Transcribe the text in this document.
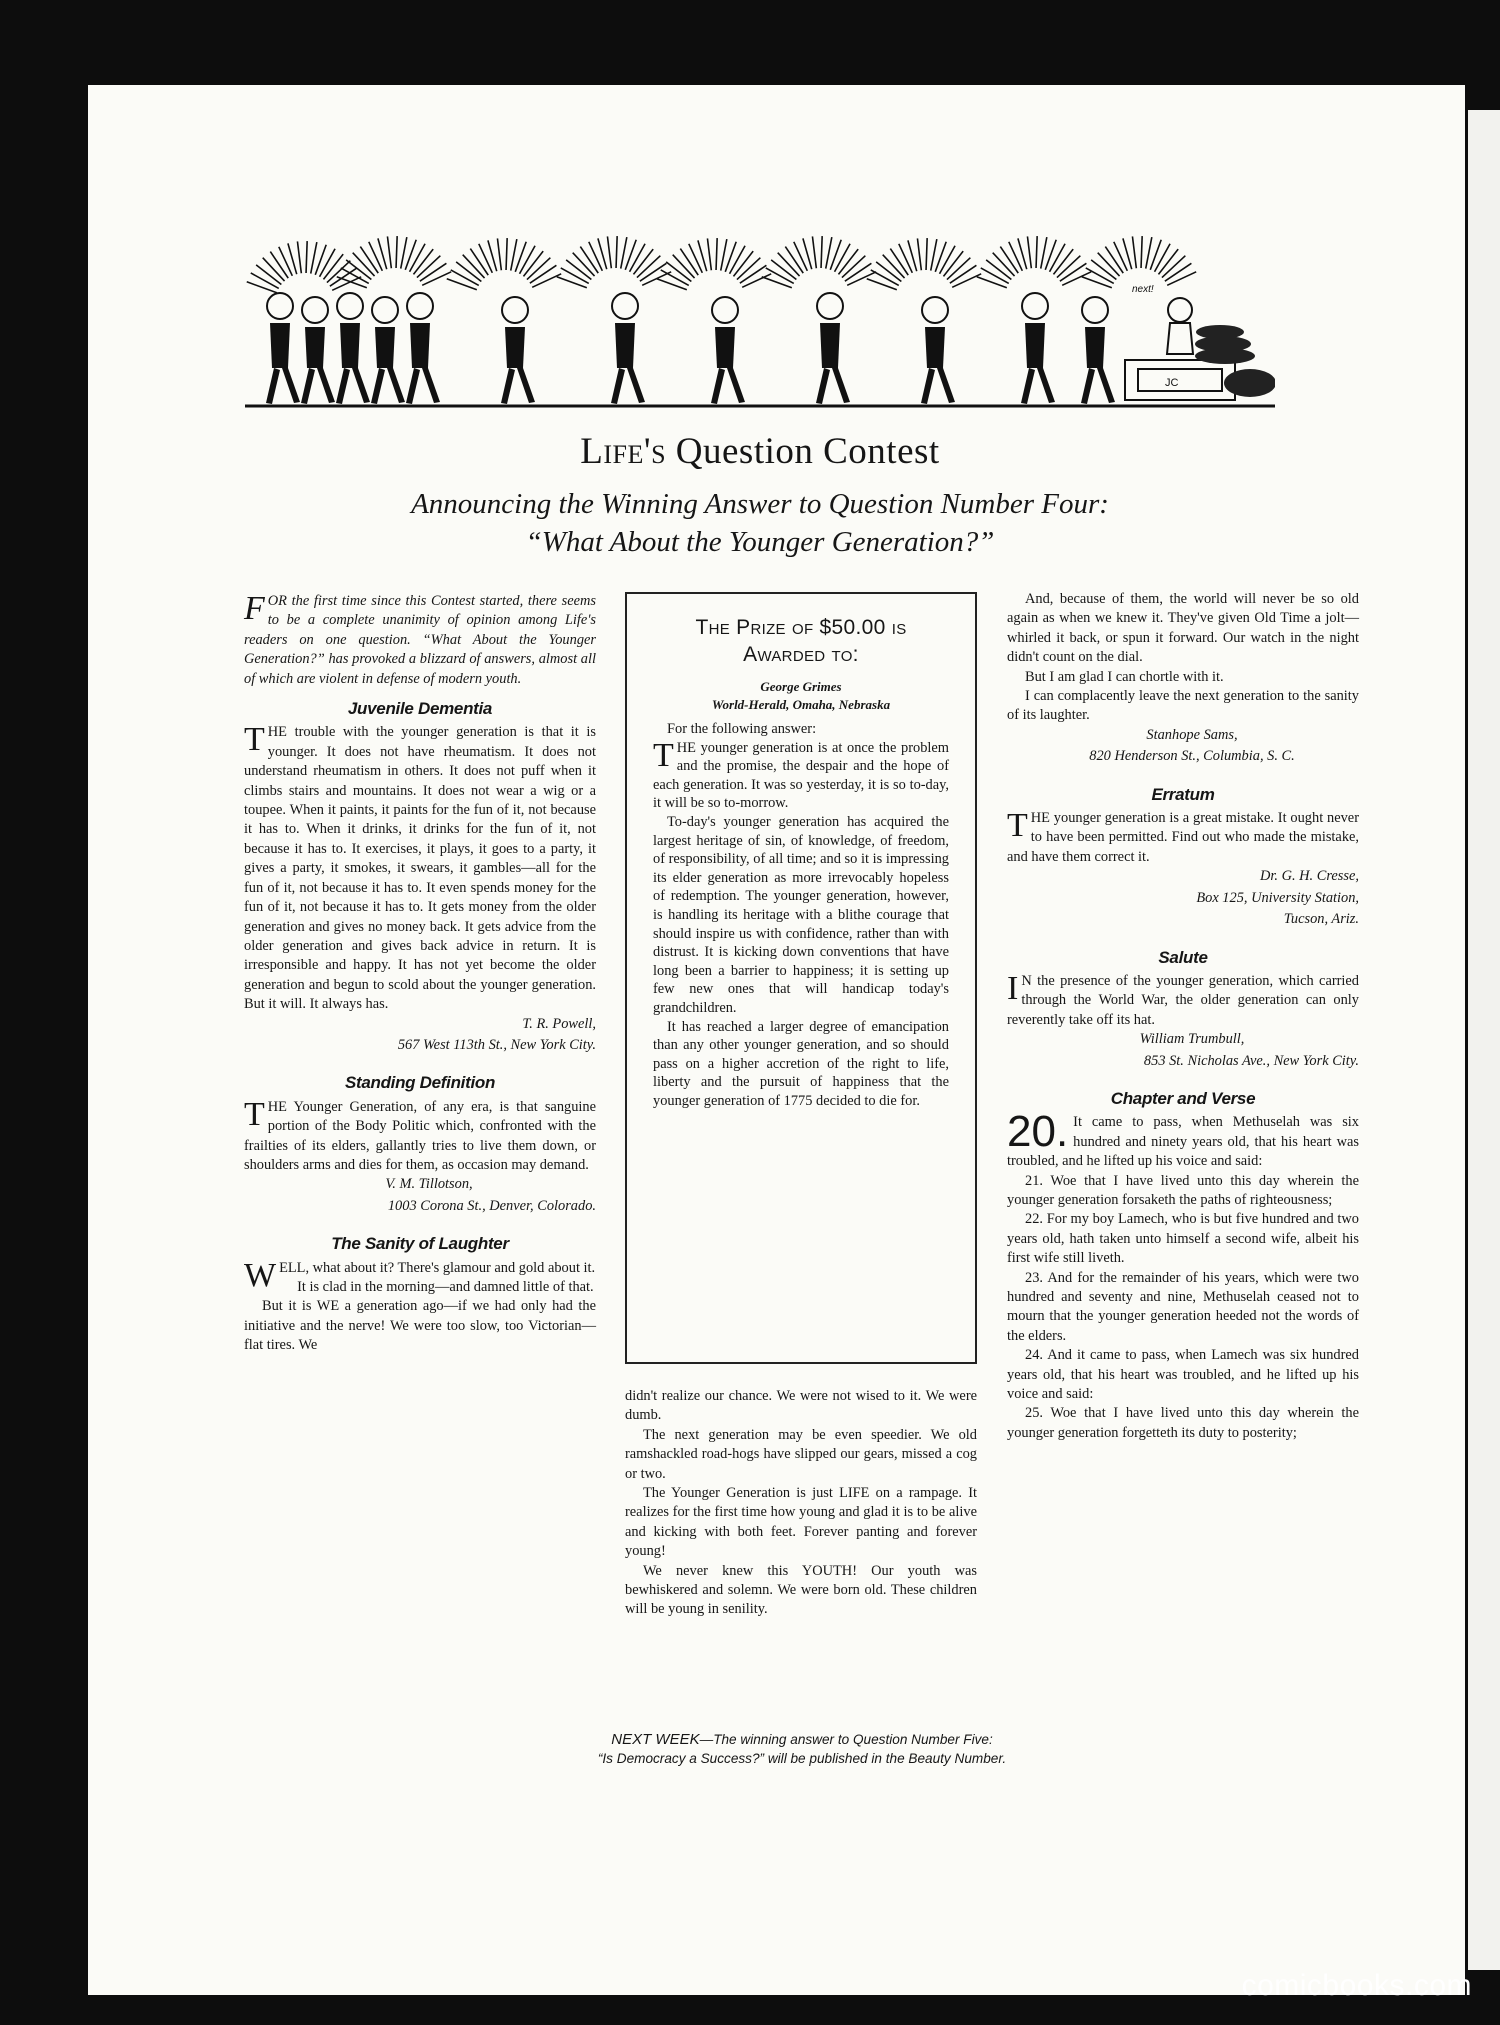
JC
next!
Life's Question Contest
Announcing the Winning Answer to Question Number Four:
“What About the Younger Generation?”

FOR the first time since this Contest started, there seems to be a complete unanimity of opinion among Life's readers on one question. “What About the Younger Generation?” has provoked a blizzard of answers, almost all of which are violent in defense of modern youth.

Juvenile Dementia

THE trouble with the younger generation is that it is younger. It does not have rheumatism. It does not understand rheumatism in others. It does not puff when it climbs stairs and mountains. It does not wear a wig or a toupee. When it paints, it paints for the fun of it, not because it has to. When it drinks, it drinks for the fun of it, not because it has to. It exercises, it plays, it goes to a party, it gives a party, it smokes, it swears, it gambles—all for the fun of it, not because it has to. It even spends money for the fun of it, not because it has to. It gets money from the older generation and gives no money back. It gets advice from the older generation and gives back advice in return. It is irresponsible and happy. It has not yet become the older generation and begun to scold about the younger generation. But it will. It always has.

T. R. Powell,

567 West 113th St., New York City.

Standing Definition

THE Younger Generation, of any era, is that sanguine portion of the Body Politic which, confronted with the frailties of its elders, gallantly tries to live them down, or shoulders arms and dies for them, as occasion may demand.

V. M. Tillotson,

1003 Corona St., Denver, Colorado.

The Sanity of Laughter

WELL, what about it? There's glamour and gold about it.

It is clad in the morning—and damned little of that.

But it is WE a generation ago—if we had only had the initiative and the nerve! We were too slow, too Victorian—flat tires. We

The Prize of $50.00 is
Awarded to:
George Grimes
World-Herald, Omaha, Nebraska

For the following answer:

THE younger generation is at once the problem and the promise, the despair and the hope of each generation. It was so yesterday, it is so to-day, it will be so to-morrow.

To-day's younger generation has acquired the largest heritage of sin, of knowledge, of freedom, of responsibility, of all time; and so it is impressing its elder generation as more irrevocably hopeless of redemption. The younger generation, however, is handling its heritage with a blithe courage that should inspire us with confidence, rather than with distrust. It is kicking down conventions that have long been a barrier to happiness; it is setting up few new ones that will handicap today's grandchildren.

It has reached a larger degree of emancipation than any other younger generation, and so should pass on a higher accretion of the right to life, liberty and the pursuit of happiness that the younger generation of 1775 decided to die for.

didn't realize our chance. We were not wised to it. We were dumb.

The next generation may be even speedier. We old ramshackled road-hogs have slipped our gears, missed a cog or two.

The Younger Generation is just LIFE on a rampage. It realizes for the first time how young and glad it is to be alive and kicking with both feet. Forever panting and forever young!

We never knew this YOUTH! Our youth was bewhiskered and solemn. We were born old. These children will be young in senility.

And, because of them, the world will never be so old again as when we knew it. They've given Old Time a jolt—whirled it back, or spun it forward. Our watch in the night didn't count on the dial.

But I am glad I can chortle with it.

I can complacently leave the next generation to the sanity of its laughter.

Stanhope Sams,

820 Henderson St., Columbia, S. C.

Erratum

THE younger generation is a great mistake. It ought never to have been permitted. Find out who made the mistake, and have them correct it.

Dr. G. H. Cresse,

Box 125, University Station,

Tucson, Ariz.

Salute

I N the presence of the younger generation, which carried through the World War, the older generation can only reverently take off its hat.

William Trumbull,

853 St. Nicholas Ave., New York City.

Chapter and Verse

20. It came to pass, when Methuselah was six hundred and ninety years old, that his heart was troubled, and he lifted up his voice and said:

21. Woe that I have lived unto this day wherein the younger generation forsaketh the paths of righteousness;

22. For my boy Lamech, who is but five hundred and two years old, hath taken unto himself a second wife, albeit his first wife still liveth.

23. And for the remainder of his years, which were two hundred and seventy and nine, Methuselah ceased not to mourn that the younger generation heeded not the words of the elders.

24. And it came to pass, when Lamech was six hundred years old, that his heart was troubled, and he lifted up his voice and said:

25. Woe that I have lived unto this day wherein the younger generation forgetteth its duty to posterity;

NEXT WEEK—The winning answer to Question Number Five:
“Is Democracy a Success?” will be published in the Beauty Number.
comicbooks.com
